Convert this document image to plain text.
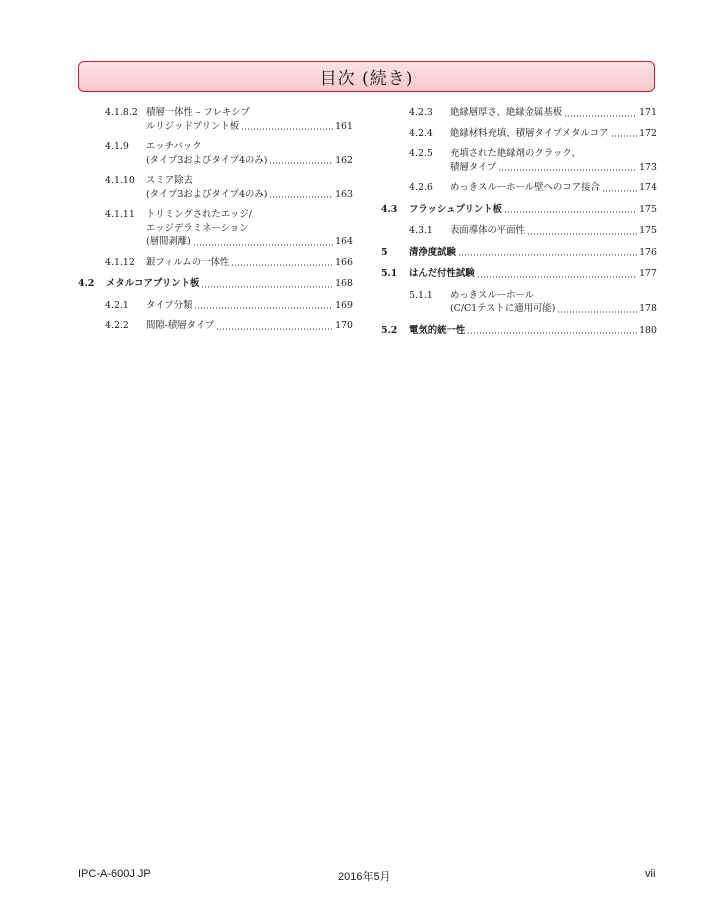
目次 (続き)
4.1.8.2 積層一体性 – フレキシブ
ルリジッドプリント板	161
4.1.9	エッチバック
(タイプ3およびタイプ4のみ)	162
4.1.10	スミア除去
(タイプ3およびタイプ4のみ)	163
4.1.11	トリミングされたエッジ/
エッジデラミネーション
(層間剥離)	164
4.1.12	銀フィルムの一体性	166
4.2	メタルコアプリント板	168
4.2.1	タイプ分類	169
4.2.2	間隙-積層タイプ	170
4.2.3	絶縁層厚さ、絶縁金属基板	171
4.2.4	絶縁材料充填、積層タイプメタルコア	172
4.2.5	充填された絶縁剤のクラック、
積層タイプ	173
4.2.6	めっきスルーホール壁へのコア接合	174
4.3	フラッシュプリント板	175
4.3.1	表面導体の平面性	175
5	清浄度試験	176
5.1	はんだ付性試験	177
5.1.1	めっきスルーホール
(C/C1テストに適用可能)	178
5.2	電気的統一性	180
IPC-A-600J JP	2016年5月	vii
